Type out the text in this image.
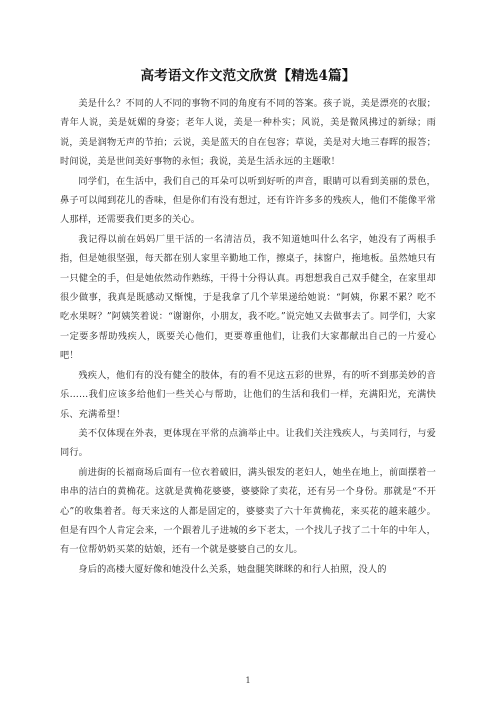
高考语文作文范文欣赏【精选4篇】

美是什么？不同的人不同的事物不同的角度有不同的答案。孩子说，美是漂亮的衣服；青年人说，美是妩媚的身姿；老年人说，美是一种朴实；风说，美是微风拂过的新绿；雨说，美是润物无声的节拍；云说，美是蓝天的自在包容；草说，美是对大地三春晖的报答；时间说，美是世间美好事物的永恒；我说，美是生活永远的主题歌！

同学们，在生活中，我们自己的耳朵可以听到好听的声音，眼睛可以看到美丽的景色，鼻子可以闻到花儿的香味，但是你们有没有想过，还有许许多多的残疾人，他们不能像平常人那样，还需要我们更多的关心。

我记得以前在妈妈厂里干活的一名清洁员，我不知道她叫什么名字，她没有了两根手指，但是她很坚强，每天都在别人家里辛勤地工作，擦桌子，抹窗户，拖地板。虽然她只有一只健全的手，但是她依然动作熟练，干得十分得认真。再想想我自己双手健全，在家里却很少做事，我真是既感动又惭愧，于是我拿了几个苹果递给她说：“阿姨，你累不累？吃不吃水果呀？”阿姨笑着说：“谢谢你，小朋友，我不吃。”说完她又去做事去了。同学们，大家一定要多帮助残疾人，既要关心他们，更要尊重他们，让我们大家都献出自己的一片爱心吧！

残疾人，他们有的没有健全的肢体，有的看不见这五彩的世界，有的听不到那美妙的音乐……我们应该多给他们一些关心与帮助，让他们的生活和我们一样，充满阳光，充满快乐、充满希望！

美不仅体现在外表，更体现在平常的点滴举止中。让我们关注残疾人，与美同行，与爱同行。

前进街的长福商场后面有一位衣着破旧，满头银发的老妇人，她坐在地上，前面摆着一串串的洁白的黄桷花。这就是黄桷花婆婆，婆婆除了卖花，还有另一个身份。那就是“不开心”的收集着者。每天来这的人都是固定的，婆婆卖了六十年黄桷花，来买花的越来越少。但是有四个人肯定会来，一个跟着儿子进城的乡下老太，一个找儿子找了二十年的中年人，有一位帮奶奶买菜的姑娘，还有一个就是婆婆自己的女儿。

身后的高楼大厦好像和她没什么关系，她盘腿笑眯眯的和行人拍照，没人的

1
